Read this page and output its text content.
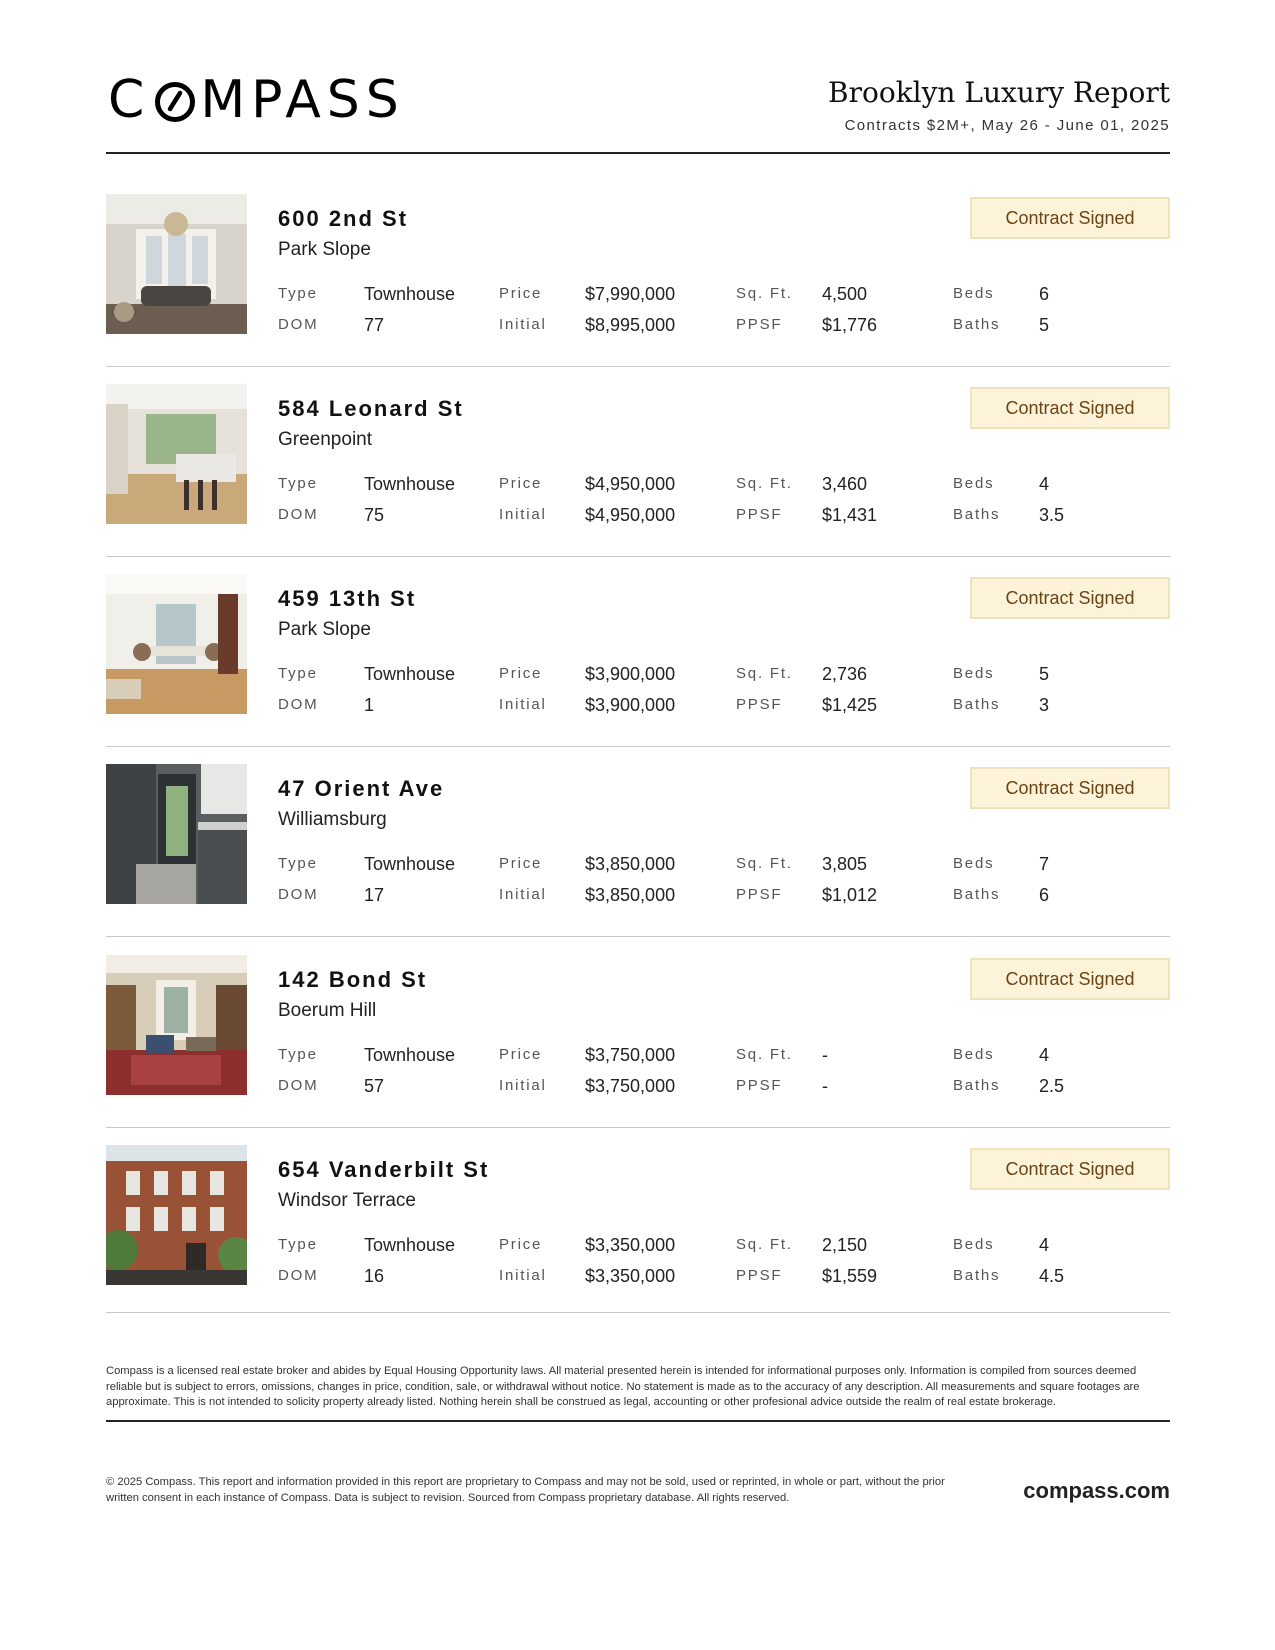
C MPASS	Brooklyn Luxury Report
Contracts $2M+, May 26 - June 01, 2025
600 2nd St
Park Slope
Contract Signed
Type	Townhouse	Price $7,990,000	Sq. Ft. 4,500	Beds 6
DOM	77	Initial $8,995,000	PPSF $1,776	Baths 5
584 Leonard St
Greenpoint
Contract Signed
Type	Townhouse	Price $4,950,000	Sq. Ft. 3,460	Beds 4
DOM	75	Initial $4,950,000	PPSF $1,431	Baths 3.5
459 13th St
Park Slope
Contract Signed
Type	Townhouse	Price $3,900,000	Sq. Ft. 2,736	Beds 5
DOM	1	Initial $3,900,000	PPSF $1,425	Baths 3
47 Orient Ave
Williamsburg
Contract Signed
Type	Townhouse	Price $3,850,000	Sq. Ft. 3,805	Beds 7
DOM	17	Initial $3,850,000	PPSF $1,012	Baths 6
142 Bond St
Boerum Hill
Contract Signed
Type	Townhouse	Price $3,750,000	Sq. Ft. -	Beds 4
DOM	57	Initial $3,750,000	PPSF -	Baths 2.5
654 Vanderbilt St
Windsor Terrace
Contract Signed
Type	Townhouse	Price $3,350,000	Sq. Ft. 2,150	Beds 4
DOM	16	Initial $3,350,000	PPSF $1,559	Baths 4.5
Compass is a licensed real estate broker and abides by Equal Housing Opportunity laws. All material presented herein is intended for informational purposes only. Information is compiled from sources deemed reliable but is subject to errors, omissions, changes in price, condition, sale, or withdrawal without notice. No statement is made as to the accuracy of any description. All measurements and square footages are approximate. This is not intended to solicity property already listed. Nothing herein shall be construed as legal, accounting or other profesional advice outside the realm of real estate brokerage.
© 2025 Compass. This report and information provided in this report are proprietary to Compass and may not be sold, used or reprinted, in whole or part, without the prior written consent in each instance of Compass. Data is subject to revision. Sourced from Compass proprietary database. All rights reserved.	compass.com
